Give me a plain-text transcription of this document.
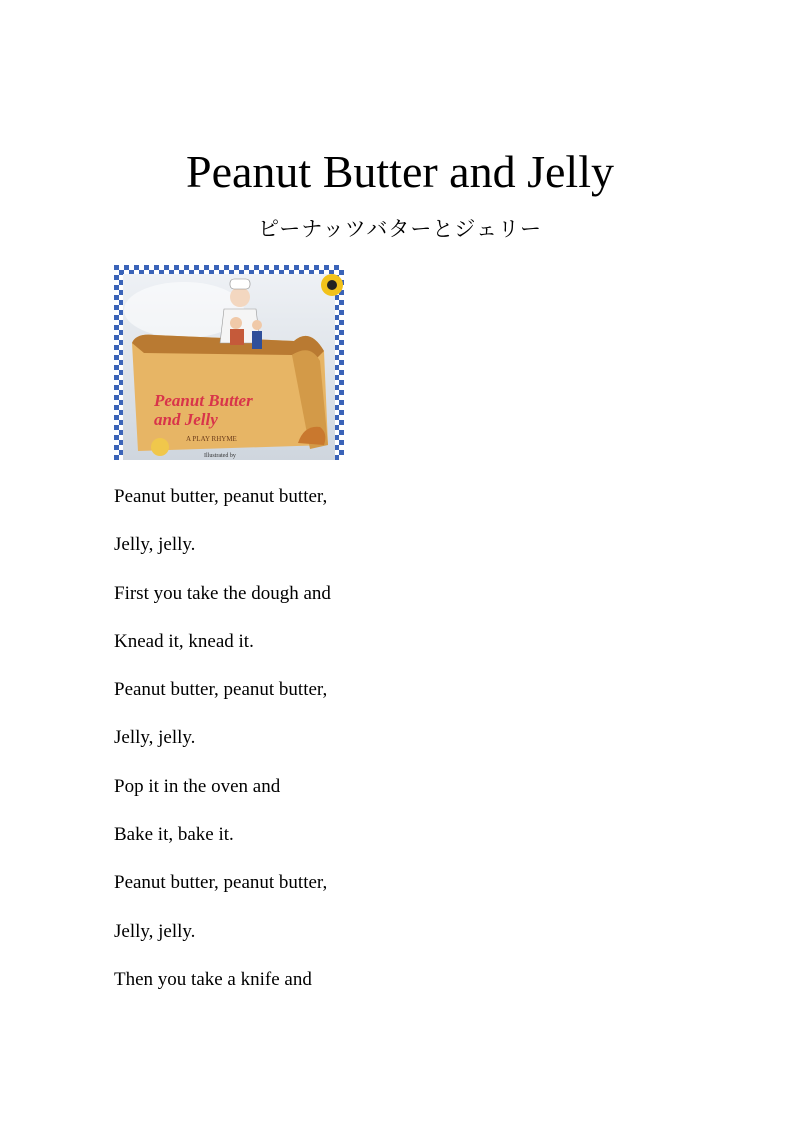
Peanut Butter and Jelly
ピーナッツバターとジェリー
Peanut Butter
and Jelly
A PLAY RHYME
Illustrated by
Peanut butter, peanut butter,
Jelly, jelly.
First you take the dough and
Knead it, knead it.
Peanut butter, peanut butter,
Jelly, jelly.
Pop it in the oven and
Bake it, bake it.
Peanut butter, peanut butter,
Jelly, jelly.
Then you take a knife and
